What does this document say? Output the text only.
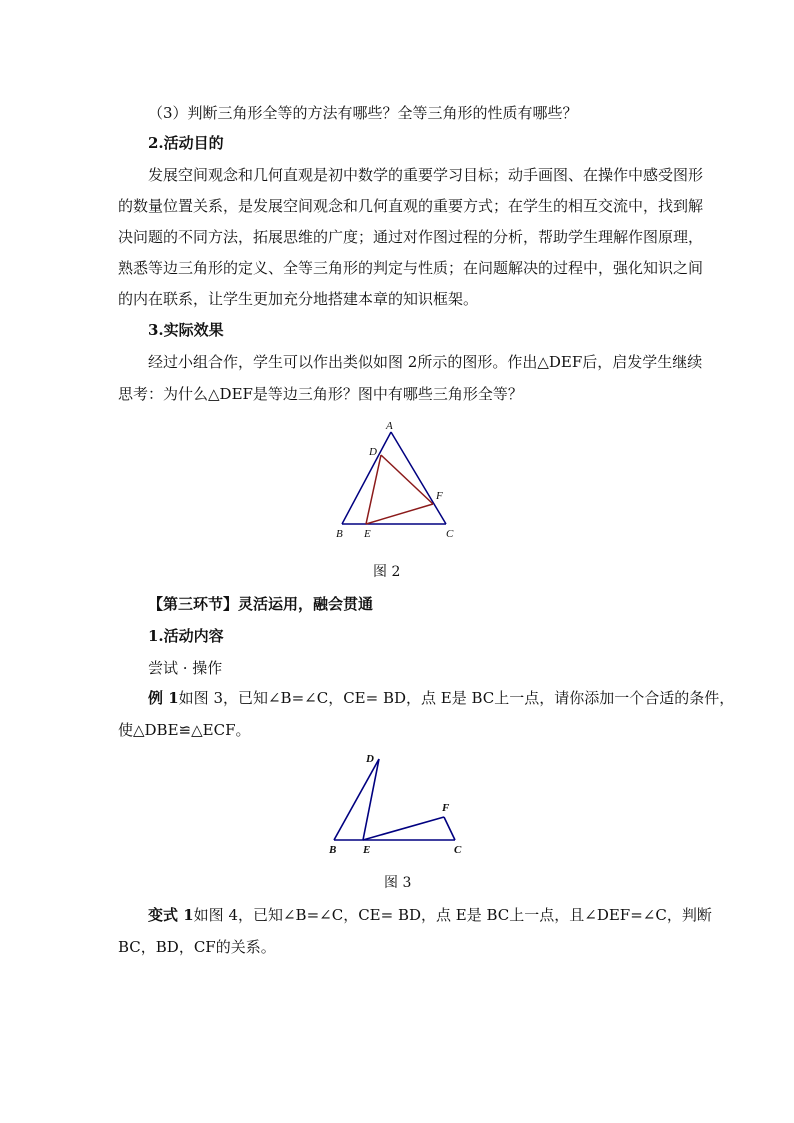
（3）判断三角形全等的方法有哪些？全等三角形的性质有哪些？
2.活动目的
发展空间观念和几何直观是初中数学的重要学习目标；动手画图、在操作中感受图形
的数量位置关系，是发展空间观念和几何直观的重要方式；在学生的相互交流中，找到解
决问题的不同方法，拓展思维的广度；通过对作图过程的分析，帮助学生理解作图原理，
熟悉等边三角形的定义、全等三角形的判定与性质；在问题解决的过程中，强化知识之间
的内在联系，让学生更加充分地搭建本章的知识框架。
3.实际效果
经过小组合作，学生可以作出类似如图 2所示的图形。作出△DEF后，启发学生继续
思考：为什么△DEF是等边三角形？图中有哪些三角形全等？
A
D
F
B E	C
图 2
【第三环节】灵活运用，融会贯通
1.活动内容
尝试 · 操作
例 1如图 3，已知∠B=∠C，CE= BD，点 E是 BC上一点，请你添加一个合适的条件，
使△DBE≌△ECF。
D
F
B E	C
图 3
变式 1如图 4，已知∠B=∠C，CE= BD，点 E是 BC上一点，且∠DEF=∠C，判断
BC，BD，CF的关系。
